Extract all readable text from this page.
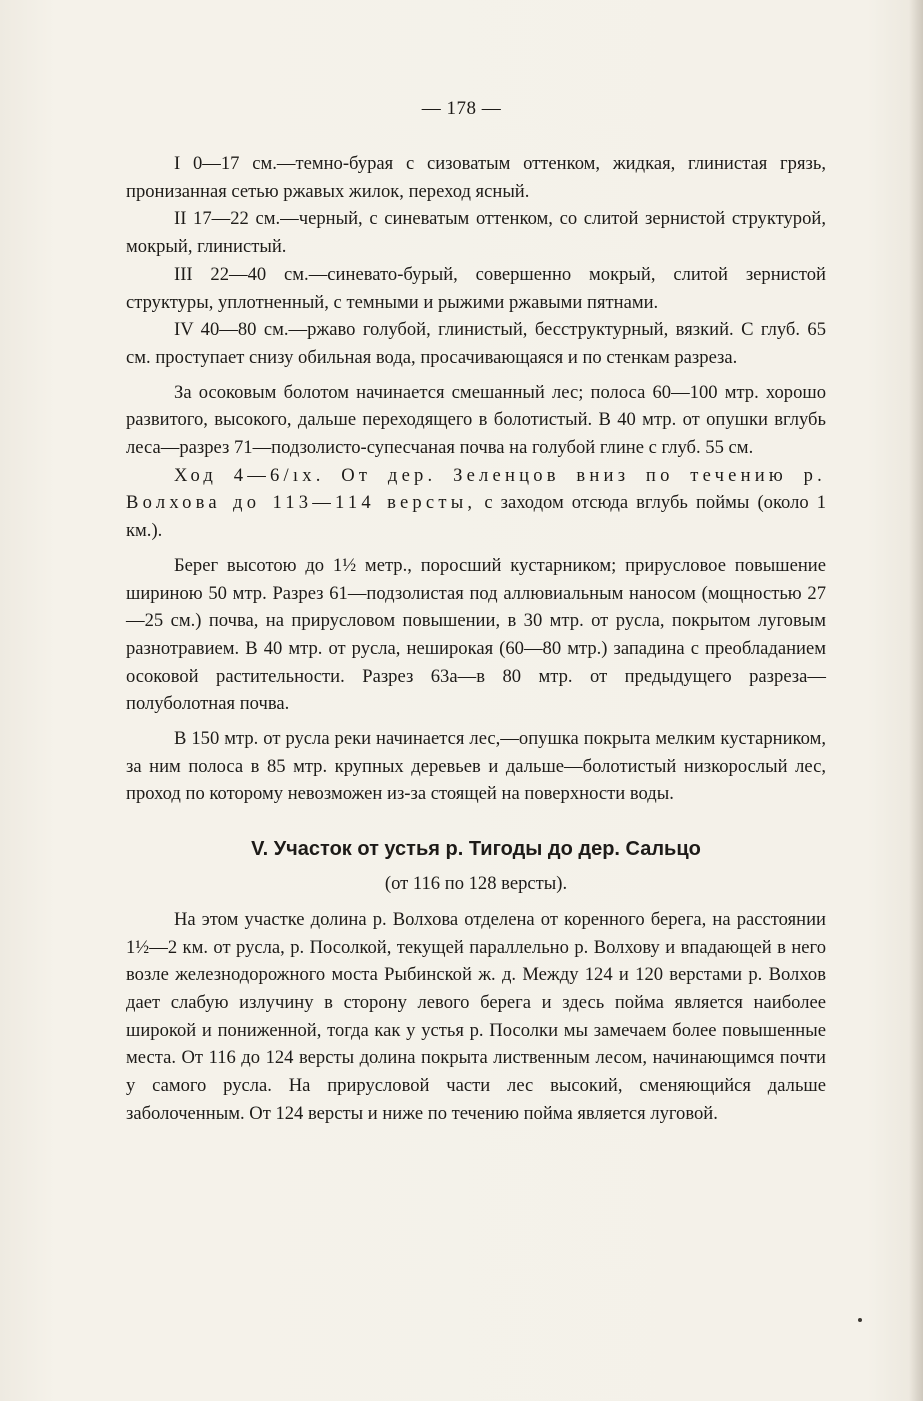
— 178 —

I 0—17 см.—темно-бурая с сизоватым оттенком, жидкая, глинистая грязь, пронизанная сетью ржавых жилок, переход ясный.

II 17—22 см.—черный, с синеватым оттенком, со слитой зернистой структурой, мокрый, глинистый.

III 22—40 см.—синевато-бурый, совершенно мокрый, слитой зернистой структуры, уплотненный, с темными и рыжими ржавыми пятнами.

IV 40—80 см.—ржаво голубой, глинистый, бесструктурный, вязкий. С глуб. 65 см. проступает снизу обильная вода, просачивающаяся и по стенкам разреза.

За осоковым болотом начинается смешанный лес; полоса 60—100 мтр. хорошо развитого, высокого, дальше переходящего в болотистый. В 40 мтр. от опушки вглубь леса—разрез 71—подзолисто-супесчаная почва на голубой глине с глуб. 55 см.

Ход 4—6/ıx. От дер. Зеленцов вниз по течению р. Волхова до 113—114 версты, с заходом отсюда вглубь поймы (около 1 км.).

Берег высотою до 1½ метр., поросший кустарником; прирусловое повышение шириною 50 мтр. Разрез 61—подзолистая под аллювиальным наносом (мощностью 27—25 см.) почва, на прирусловом повышении, в 30 мтр. от русла, покрытом луговым разнотравием. В 40 мтр. от русла, неширокая (60—80 мтр.) западина с преобладанием осоковой растительности. Разрез 63а—в 80 мтр. от предыдущего разреза—полуболотная почва.

В 150 мтр. от русла реки начинается лес,—опушка покрыта мелким кустарником, за ним полоса в 85 мтр. крупных деревьев и дальше—болотистый низкорослый лес, проход по которому невозможен из-за стоящей на поверхности воды.

V. Участок от устья р. Тигоды до дер. Сальцо
(от 116 по 128 версты).

На этом участке долина р. Волхова отделена от коренного берега, на расстоянии 1½—2 км. от русла, р. Посолкой, текущей параллельно р. Волхову и впадающей в него возле железнодорожного моста Рыбинской ж. д. Между 124 и 120 верстами р. Волхов дает слабую излучину в сторону левого берега и здесь пойма является наиболее широкой и пониженной, тогда как у устья р. Посолки мы замечаем более повышенные места. От 116 до 124 версты долина покрыта лиственным лесом, начинающимся почти у самого русла. На прирусловой части лес высокий, сменяющийся дальше заболоченным. От 124 версты и ниже по течению пойма является луговой.
